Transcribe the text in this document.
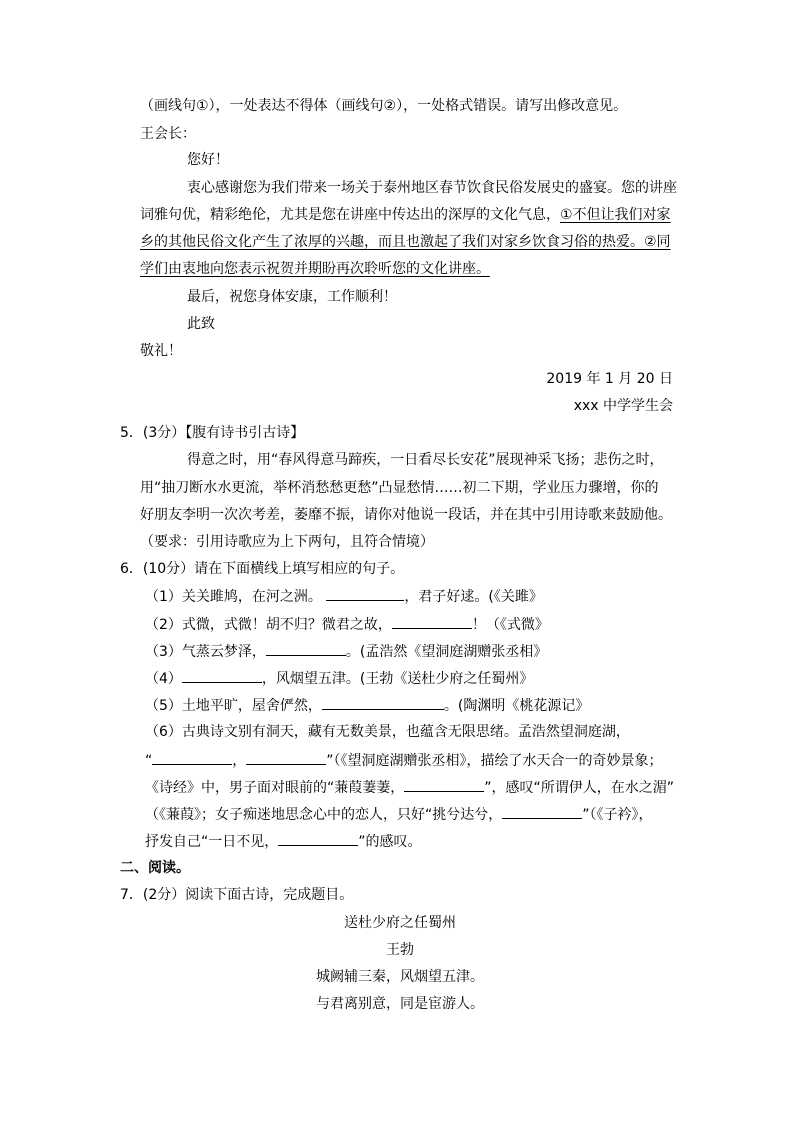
（画线句①），一处表达不得体（画线句②），一处格式错误。请写出修改意见。
王会长：
您好！
衷心感谢您为我们带来一场关于泰州地区春节饮食民俗发展史的盛宴。您的讲座
词雅句优，精彩绝伦，尤其是您在讲座中传达出的深厚的文化气息，①不但让我们对家
乡的其他民俗文化产生了浓厚的兴趣，而且也激起了我们对家乡饮食习俗的热爱。②同
学们由衷地向您表示祝贺并期盼再次聆听您的文化讲座。
最后，祝您身体安康，工作顺利！
此致
敬礼！
2019 年 1 月 20 日
xxx 中学学生会
5．(3分）【腹有诗书引古诗】
得意之时，用“春风得意马蹄疾，一日看尽长安花”展现神采飞扬；悲伤之时，
用“抽刀断水水更流，举杯消愁愁更愁”凸显愁情……初二下期，学业压力骤增，你的
好朋友李明一次次考差，萎靡不振，请你对他说一段话，并在其中引用诗歌来鼓励他。
（要求：引用诗歌应为上下两句，且符合情境）
6．(10分）请在下面横线上填写相应的句子。
（1）关关雎鸠，在河之洲。	，君子好逑。(《关雎》
（2）式微，式微！胡不归？微君之故，	！（《式微》
（3）气蒸云梦泽，	。(孟浩然《望洞庭湖赠张丞相》
（4）	，风烟望五津。(王勃《送杜少府之任蜀州》
（5）土地平旷，屋舍俨然，	。(陶渊明《桃花源记》
（6）古典诗文别有洞天，藏有无数美景，也蕴含无限思绪。孟浩然望洞庭湖，
“	，	”（《望洞庭湖赠张丞相》，描绘了水天合一的奇妙景象；
《诗经》中，男子面对眼前的“蒹葭萋萋，	”，感叹“所谓伊人，在水之湄”
（《蒹葭》；女子痴迷地思念心中的恋人，只好“挑兮达兮，	”（《子衿》，
抒发自己“一日不见，	”的感叹。
二、阅读。
7．(2分）阅读下面古诗，完成题目。
送杜少府之任蜀州
王勃
城阙辅三秦，风烟望五津。
与君离别意，同是宦游人。
